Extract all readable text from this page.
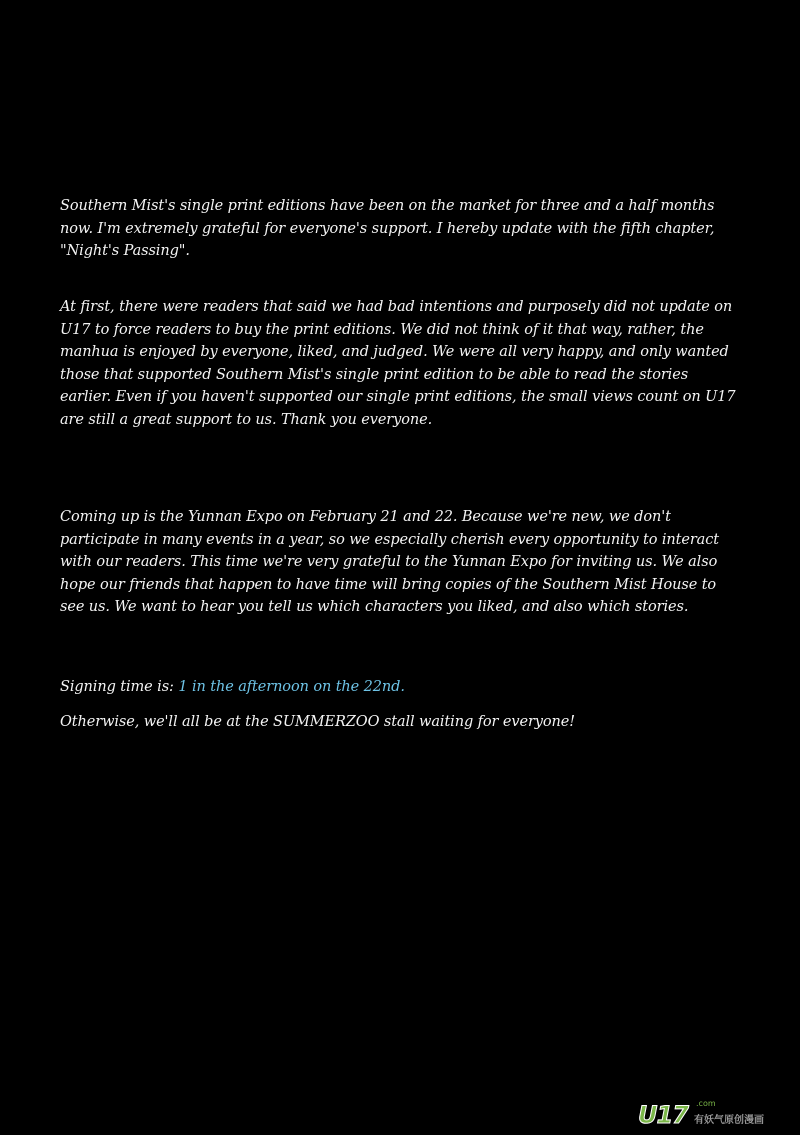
Southern Mist's single print editions have been on the market for three and a half months now. I'm extremely grateful for everyone's support. I hereby update with the fifth chapter, "Night's Passing".

At first, there were readers that said we had bad intentions and purposely did not update on U17 to force readers to buy the print editions. We did not think of it that way, rather, the manhua is enjoyed by everyone, liked, and judged. We were all very happy, and only wanted those that supported Southern Mist's single print edition to be able to read the stories earlier. Even if you haven't supported our single print editions, the small views count on U17 are still a great support to us. Thank you everyone.

Coming up is the Yunnan Expo on February 21 and 22. Because we're new, we don't participate in many events in a year, so we especially cherish every opportunity to interact with our readers. This time we're very grateful to the Yunnan Expo for inviting us. We also hope our friends that happen to have time will bring copies of the Southern Mist House to see us. We want to hear you tell us which characters you liked, and also which stories.

Signing time is: 1 in the afternoon on the 22nd.

Otherwise, we'll all be at the SUMMERZOO stall waiting for everyone!

U17 .com
有妖气原创漫画
